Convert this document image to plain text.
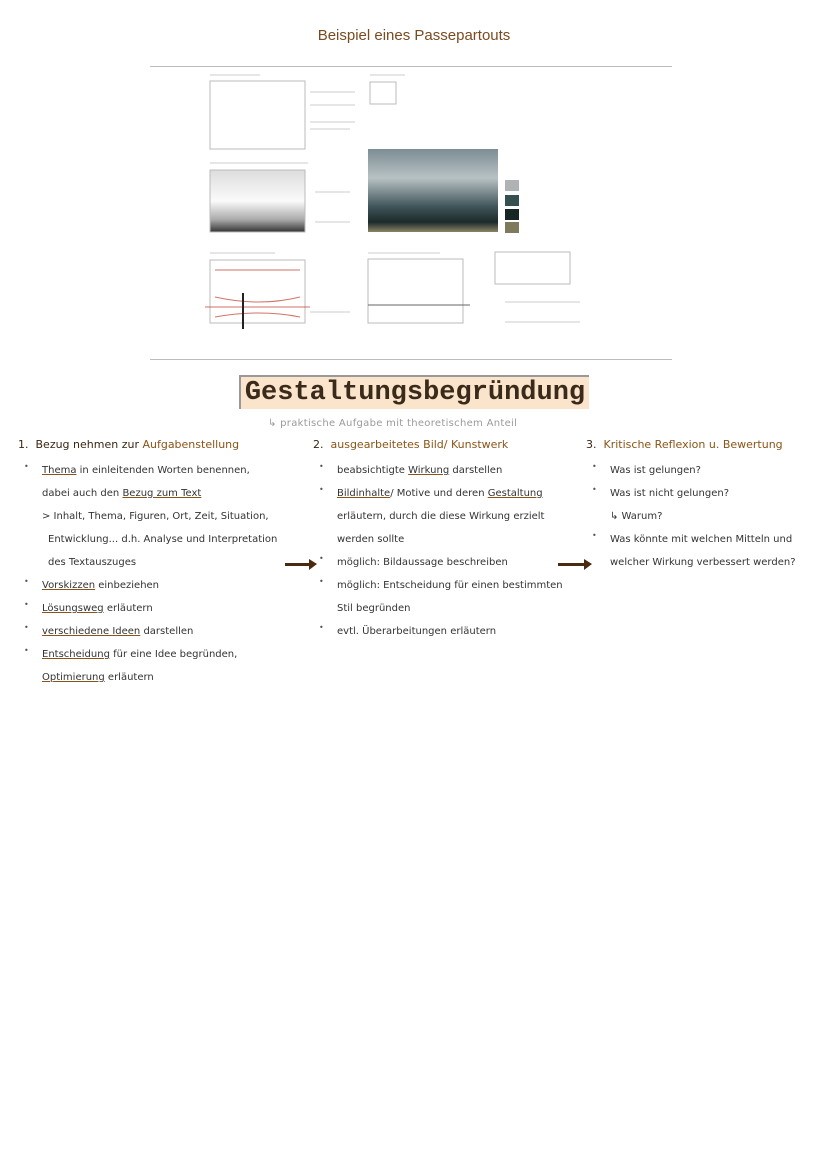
Beispiel eines Passepartouts
Gestaltungsbegründung
↳ praktische Aufgabe mit theoretischem Anteil
1. Bezug nehmen zur Aufgabenstellung
• Thema in einleitenden Worten benennen,
dabei auch den Bezug zum Text
> Inhalt, Thema, Figuren, Ort, Zeit, Situation,
Entwicklung... d.h. Analyse und Interpretation
des Textauszuges
• Vorskizzen einbeziehen
• Lösungsweg erläutern
• verschiedene Ideen darstellen
• Entscheidung für eine Idee begründen,
Optimierung erläutern
2. ausgearbeitetes Bild/ Kunstwerk
• beabsichtigte Wirkung darstellen
• Bildinhalte/ Motive und deren Gestaltung
erläutern, durch die diese Wirkung erzielt
werden sollte
• möglich: Bildaussage beschreiben
• möglich: Entscheidung für einen bestimmten
Stil begründen
• evtl. Überarbeitungen erläutern
3. Kritische Reflexion u. Bewertung
• Was ist gelungen?
• Was ist nicht gelungen?
↳ Warum?
• Was könnte mit welchen Mitteln und
welcher Wirkung verbessert werden?
